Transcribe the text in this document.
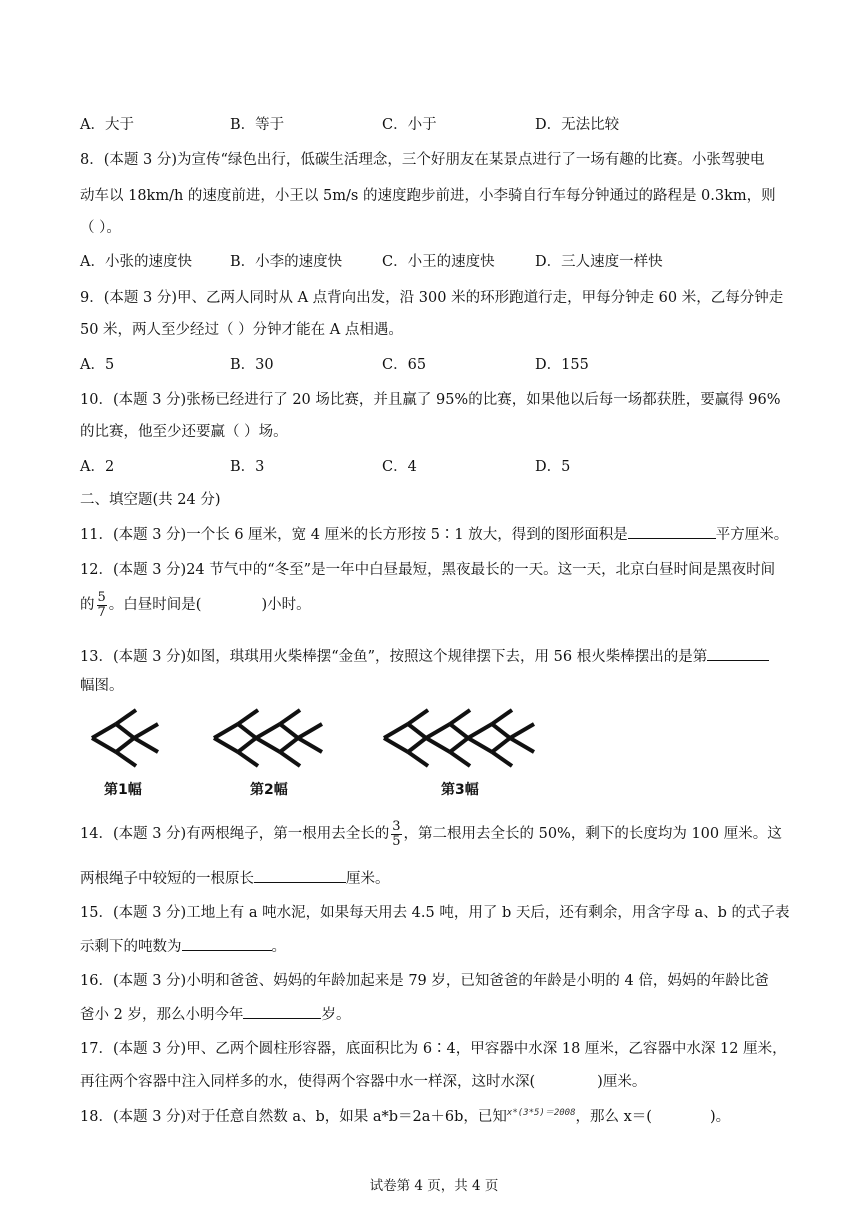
A．大于	B．等于	C．小于	D．无法比较
8．(本题 3 分)为宣传“绿色出行，低碳生活理念，三个好朋友在某景点进行了一场有趣的比赛。小张驾驶电
动车以 18km/h 的速度前进，小王以 5m/s 的速度跑步前进，小李骑自行车每分钟通过的路程是 0.3km，则
（ ）。
A．小张的速度快	B．小李的速度快	C．小王的速度快	D．三人速度一样快
9．(本题 3 分)甲、乙两人同时从 A 点背向出发，沿 300 米的环形跑道行走，甲每分钟走 60 米，乙每分钟走
50 米，两人至少经过（ ）分钟才能在 A 点相遇。
A．5	B．30	C．65	D．155
10．(本题 3 分)张杨已经进行了 20 场比赛，并且赢了 95%的比赛，如果他以后每一场都获胜，要赢得 96%
的比赛，他至少还要赢（ ）场。
A．2	B．3	C．4	D．5
二、填空题(共 24 分)
11．(本题 3 分)一个长 6 厘米，宽 4 厘米的长方形按 5∶1 放大，得到的图形面积是	平方厘米。
12．(本题 3 分)24 节气中的“冬至”是一年中白昼最短，黑夜最长的一天。这一天，北京白昼时间是黑夜时间
的 $\frac{5}{7}$ 。白昼时间是(	)小时。
13．(本题 3 分)如图，琪琪用火柴棒摆“金鱼”，按照这个规律摆下去，用 56 根火柴棒摆出的是第
幅图。
第1幅	第2幅	第3幅
14．(本题 3 分)有两根绳子，第一根用去全长的 $\frac{3}{5}$ ，第二根用去全长的 50%，剩下的长度均为 100 厘米。这
两根绳子中较短的一根原长	厘米。
15．(本题 3 分)工地上有 a 吨水泥，如果每天用去 4.5 吨，用了 b 天后，还有剩余，用含字母 a、b 的式子表
示剩下的吨数为	。
16．(本题 3 分)小明和爸爸、妈妈的年龄加起来是 79 岁，已知爸爸的年龄是小明的 4 倍，妈妈的年龄比爸
爸小 2 岁，那么小明今年	岁。
17．(本题 3 分)甲、乙两个圆柱形容器，底面积比为 6∶4，甲容器中水深 18 厘米，乙容器中水深 12 厘米，
再往两个容器中注入同样多的水，使得两个容器中水一样深，这时水深(	)厘米。
18．(本题 3 分)对于任意自然数 a、b，如果 a*b＝2a＋6b，已知x*(3*5)＝2008，那么 x＝(	)。
试卷第 4 页，共 4 页
